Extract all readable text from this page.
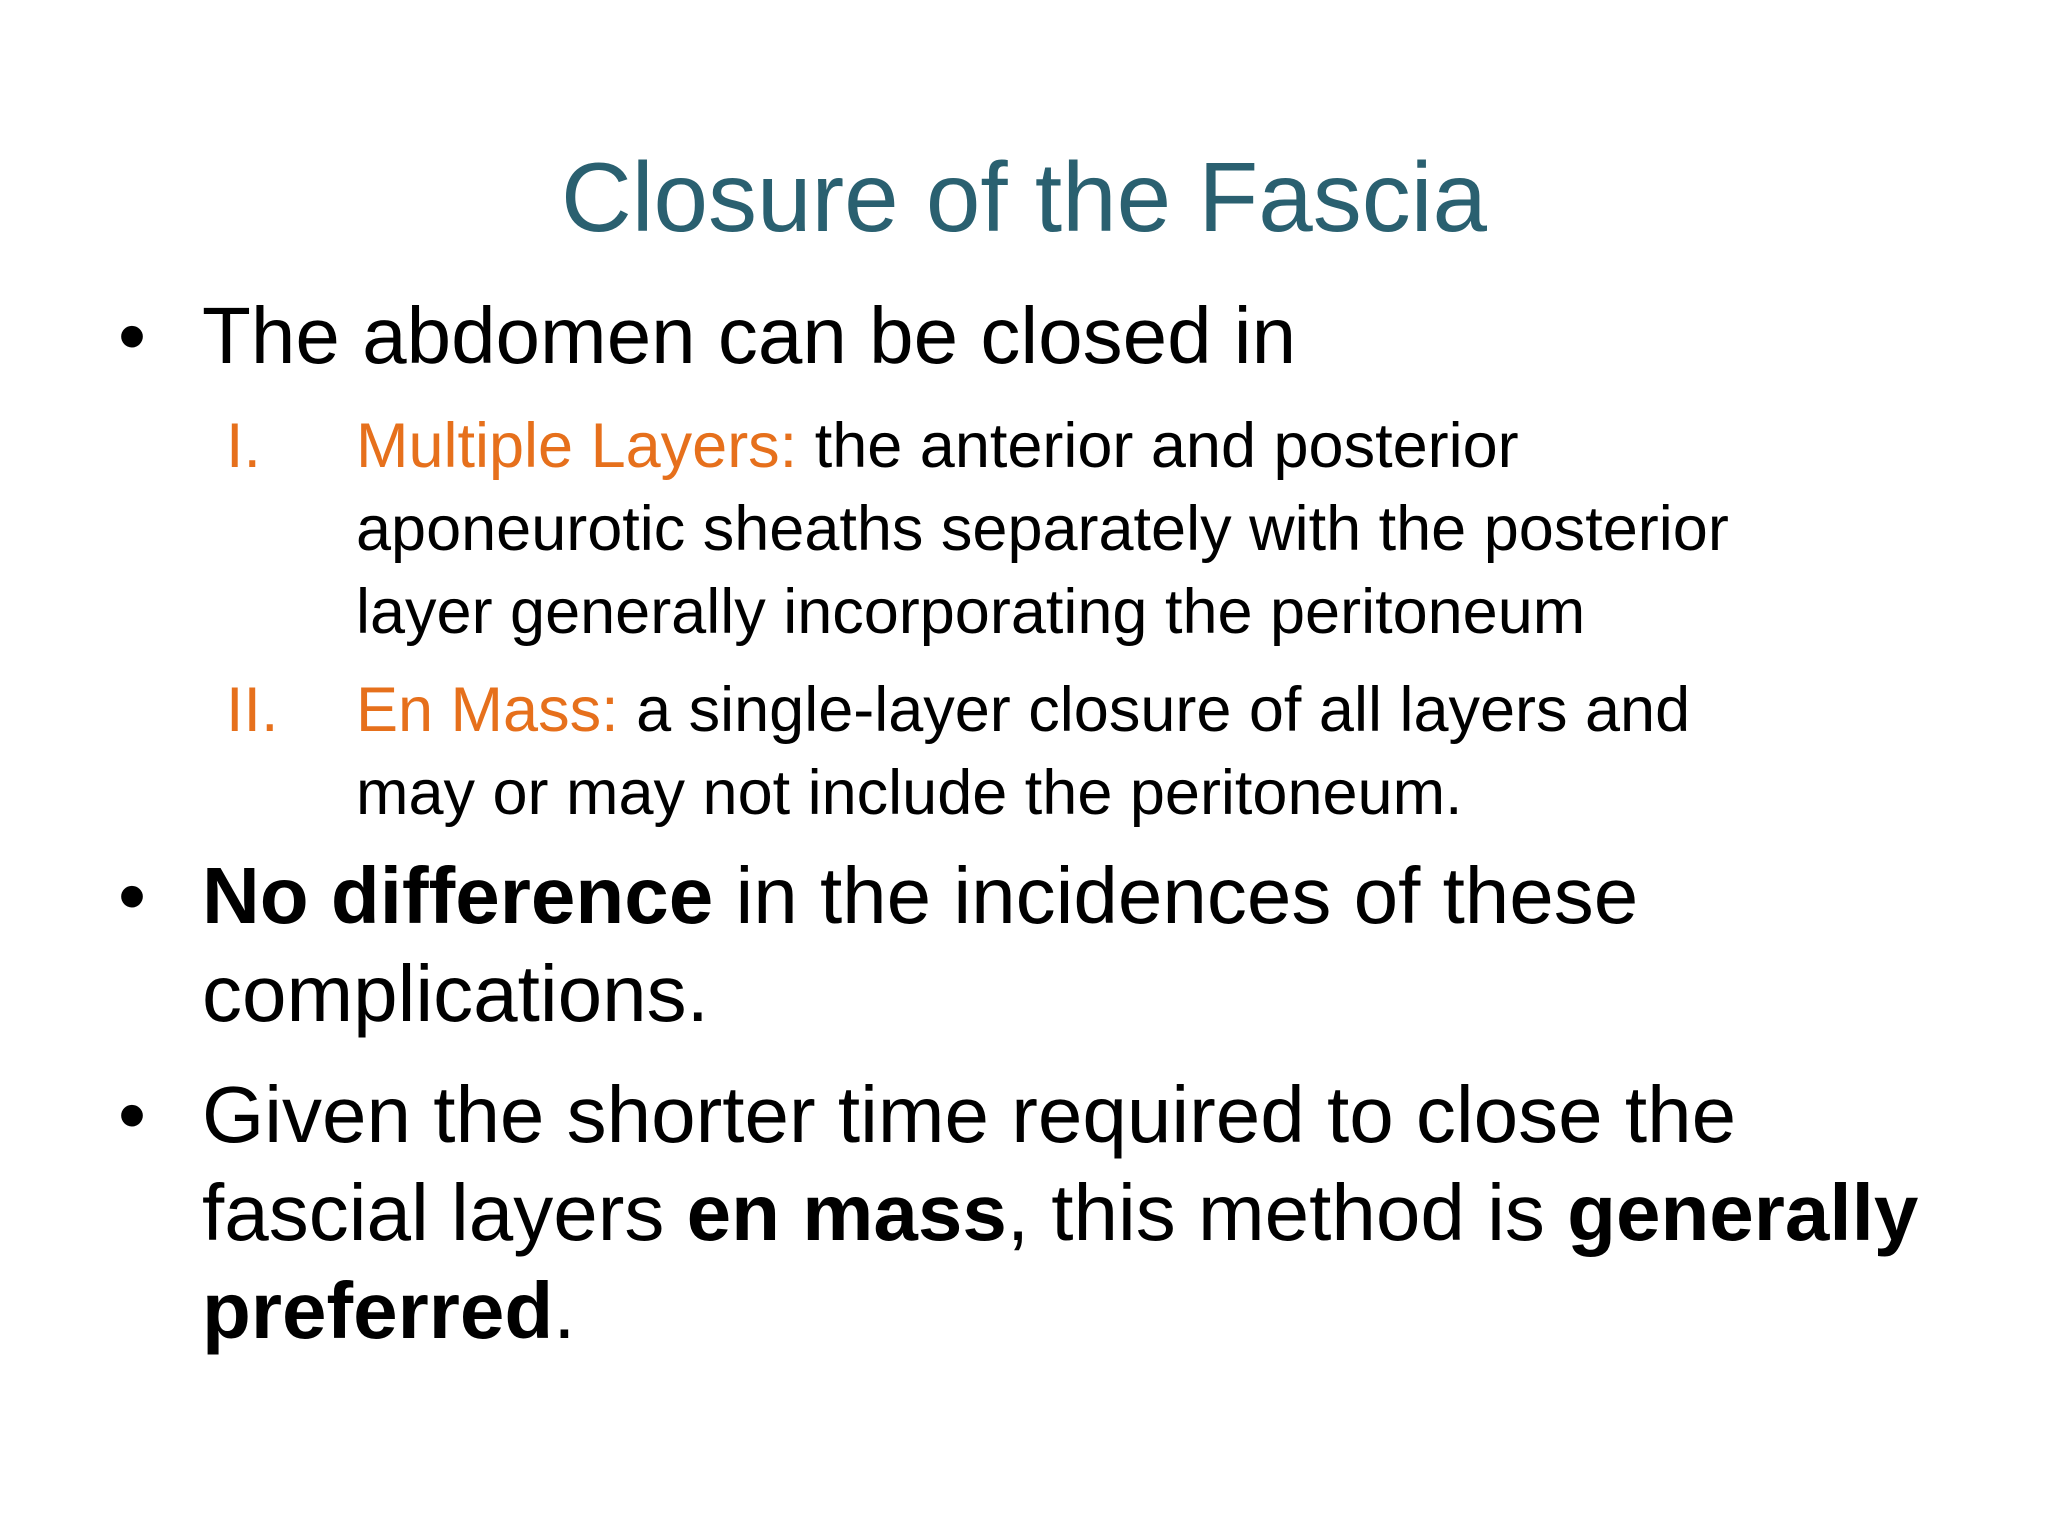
Closure of the Fascia
• The abdomen can be closed in
I. Multiple Layers: the anterior and posterior
aponeurotic sheaths separately with the posterior
layer generally incorporating the peritoneum
II. En Mass: a single-layer closure of all layers and
may or may not include the peritoneum.
• No difference in the incidences of these
complications.
• Given the shorter time required to close the
fascial layers en mass, this method is generally
preferred.
